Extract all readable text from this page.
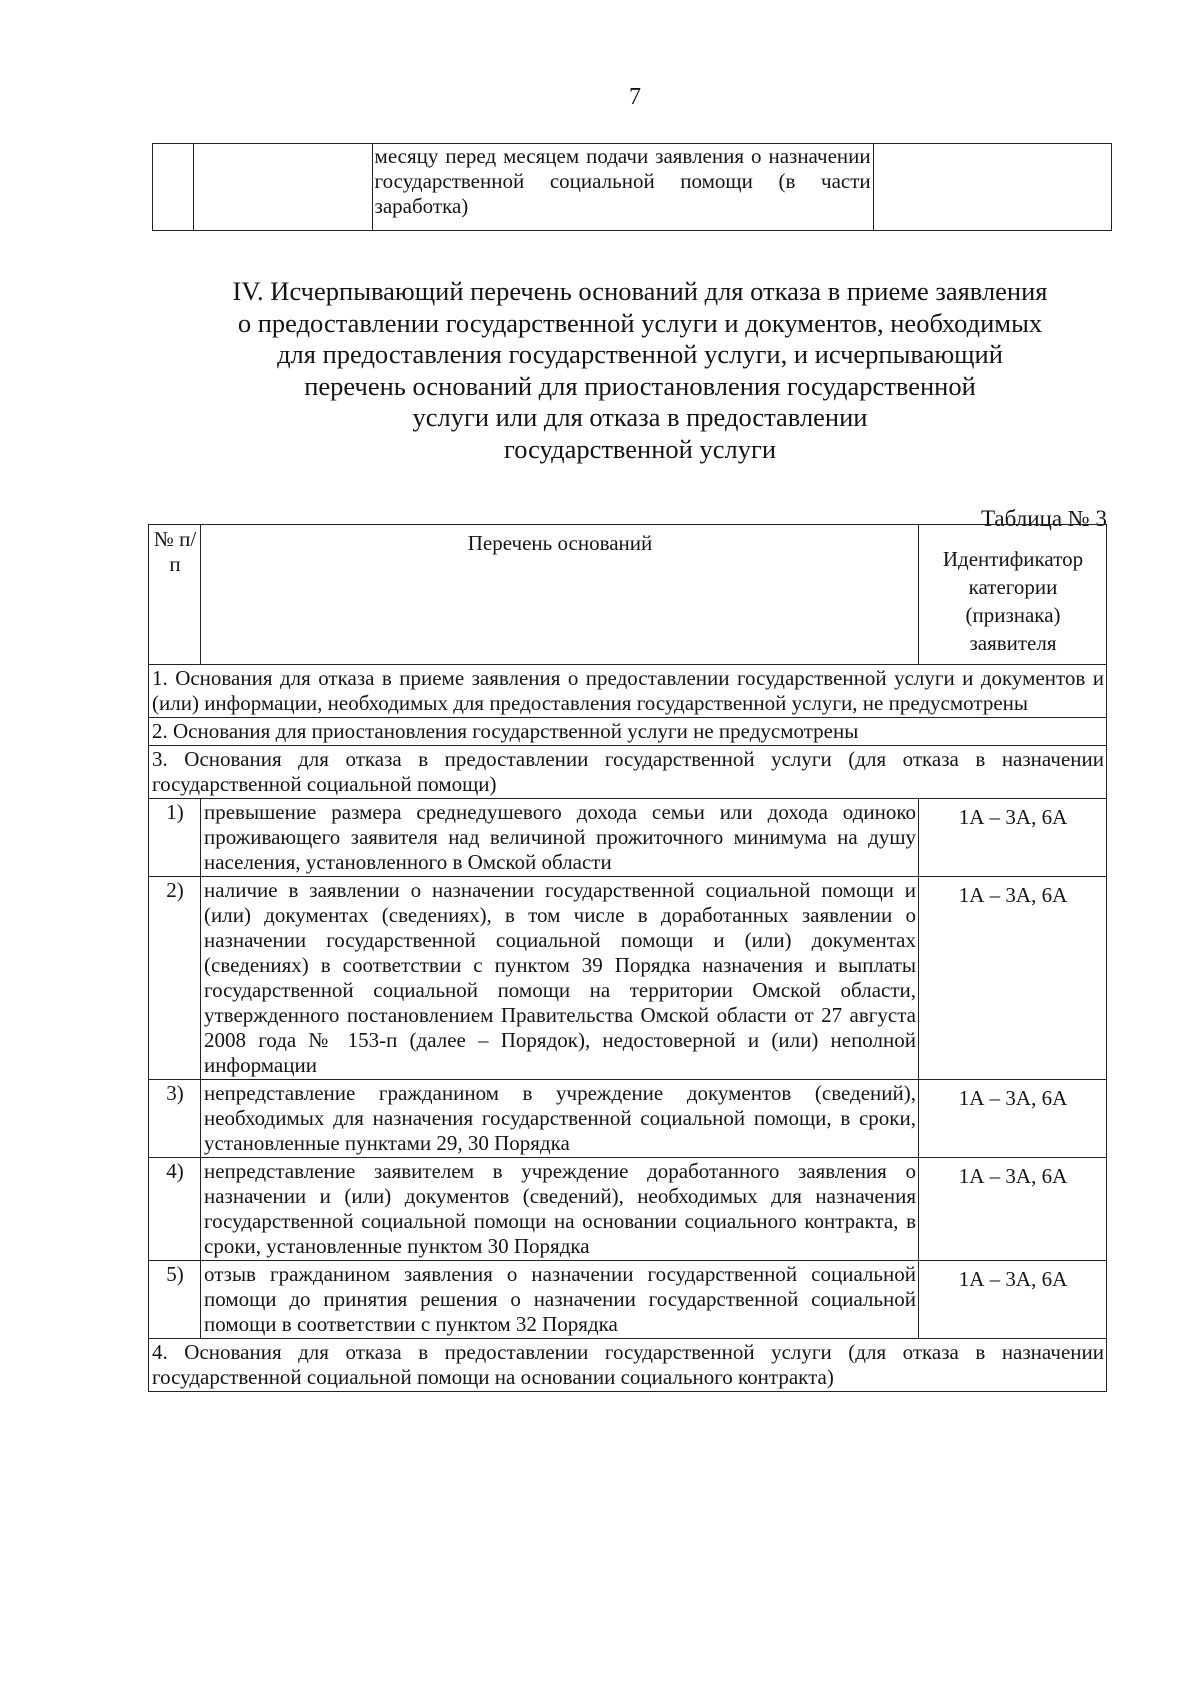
7
		месяцу перед месяцем подачи заявления о назначении государственной социальной помощи (в части заработка)	
IV. Исчерпывающий перечень оснований для отказа в приеме заявления
о предоставлении государственной услуги и документов, необходимых
для предоставления государственной услуги, и исчерпывающий
перечень оснований для приостановления государственной
услуги или для отказа в предоставлении
государственной услуги
Таблица № 3
№ п/п	Перечень оснований	Идентификатор категории (признака) заявителя
1. Основания для отказа в приеме заявления о предоставлении государственной услуги и документов и (или) информации, необходимых для предоставления государственной услуги, не предусмотрены		
2. Основания для приостановления государственной услуги не предусмотрены		
3. Основания для отказа в предоставлении государственной услуги (для отказа в назначении государственной социальной помощи)		
1)	превышение размера среднедушевого дохода семьи или дохода одиноко проживающего заявителя над величиной прожиточного минимума на душу населения, установленного в Омской области	1А – 3А, 6А
2)	наличие в заявлении о назначении государственной социальной помощи и (или) документах (сведениях), в том числе в доработанных заявлении о назначении государственной социальной помощи и (или) документах (сведениях) в соответствии с пунктом 39 Порядка назначения и выплаты государственной социальной помощи на территории Омской области, утвержденного постановлением Правительства Омской области от 27 августа 2008 года № 153-п (далее – Порядок), недостоверной и (или) неполной информации	1А – 3А, 6А
3)	непредставление гражданином в учреждение документов (сведений), необходимых для назначения государственной социальной помощи, в сроки, установленные пунктами 29, 30 Порядка	1А – 3А, 6А
4)	непредставление заявителем в учреждение доработанного заявления о назначении и (или) документов (сведений), необходимых для назначения государственной социальной помощи на основании социального контракта, в сроки, установленные пунктом 30 Порядка	1А – 3А, 6А
5)	отзыв гражданином заявления о назначении государственной социальной помощи до принятия решения о назначении государственной социальной помощи в соответствии с пунктом 32 Порядка	1А – 3А, 6А
4. Основания для отказа в предоставлении государственной услуги (для отказа в назначении государственной социальной помощи на основании социального контракта)		
